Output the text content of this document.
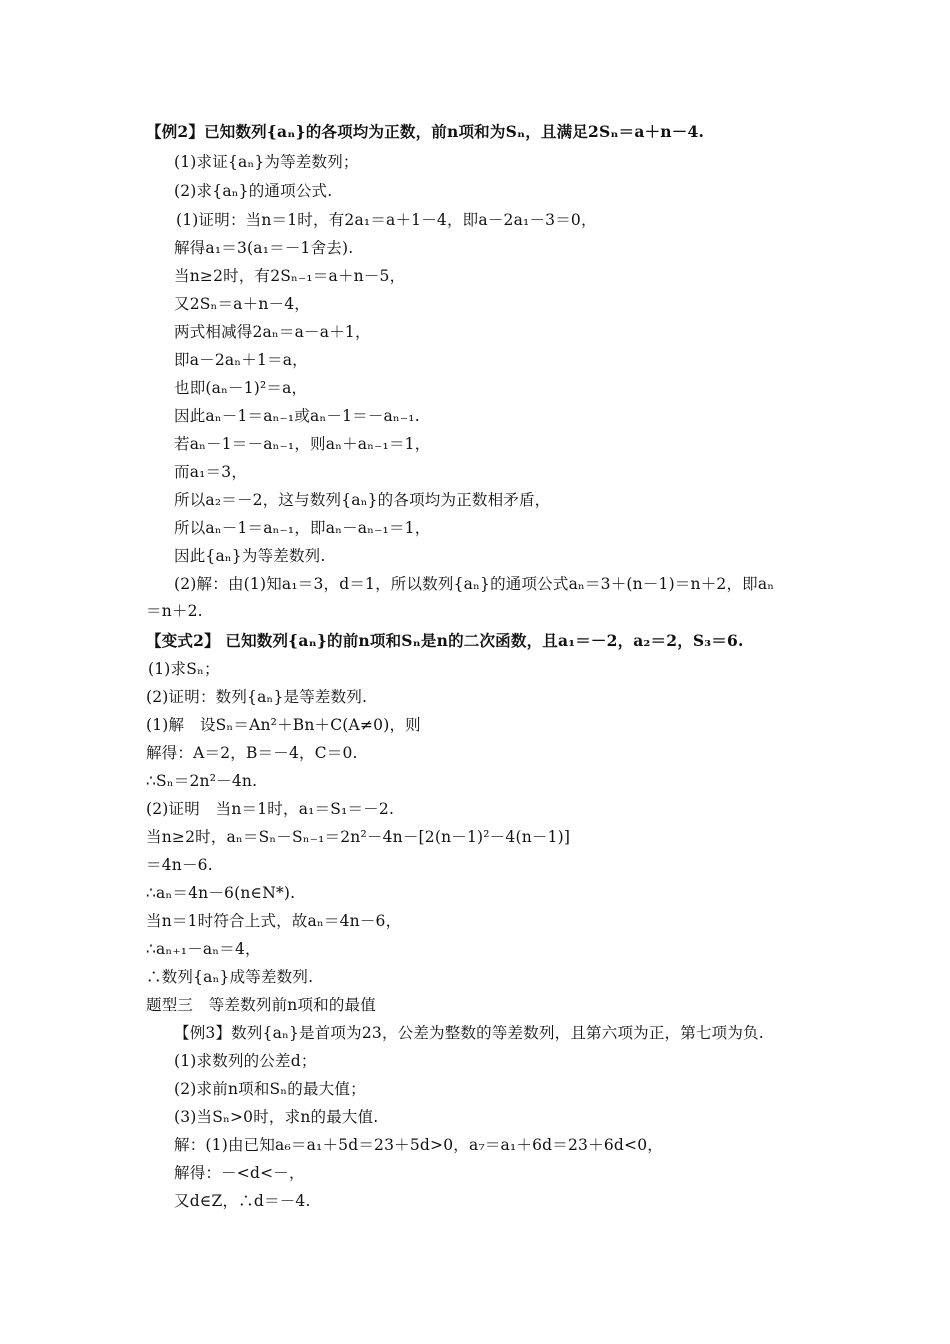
【例2】已知数列{aₙ}的各项均为正数，前n项和为Sₙ，且满足2Sₙ＝a＋n－4.
(1)求证{aₙ}为等差数列；
(2)求{aₙ}的通项公式.
(1)证明：当n＝1时，有2a₁＝a＋1－4，即a－2a₁－3＝0，
解得a₁＝3(a₁＝－1舍去).
当n≥2时，有2Sₙ₋₁＝a＋n－5，
又2Sₙ＝a＋n－4，
两式相减得2aₙ＝a－a＋1，
即a－2aₙ＋1＝a，
也即(aₙ－1)²＝a，
因此aₙ－1＝aₙ₋₁或aₙ－1＝－aₙ₋₁.
若aₙ－1＝－aₙ₋₁，则aₙ＋aₙ₋₁＝1，
而a₁＝3，
所以a₂＝－2，这与数列{aₙ}的各项均为正数相矛盾，
所以aₙ－1＝aₙ₋₁，即aₙ－aₙ₋₁＝1，
因此{aₙ}为等差数列.
(2)解：由(1)知a₁＝3，d＝1，所以数列{aₙ}的通项公式aₙ＝3＋(n－1)＝n＋2，即aₙ
＝n＋2.
【变式2】 已知数列{aₙ}的前n项和Sₙ是n的二次函数，且a₁＝－2，a₂＝2，S₃＝6.
(1)求Sₙ；
(2)证明：数列{aₙ}是等差数列.
(1)解　设Sₙ＝An²＋Bn＋C(A≠0)，则
解得：A＝2，B＝－4，C＝0.
∴Sₙ＝2n²－4n.
(2)证明　当n＝1时，a₁＝S₁＝－2.
当n≥2时，aₙ＝Sₙ－Sₙ₋₁＝2n²－4n－[2(n－1)²－4(n－1)]
＝4n－6.
∴aₙ＝4n－6(n∈N*).
当n＝1时符合上式，故aₙ＝4n－6，
∴aₙ₊₁－aₙ＝4，
∴数列{aₙ}成等差数列.
题型三　等差数列前n项和的最值
【例3】数列{aₙ}是首项为23，公差为整数的等差数列，且第六项为正，第七项为负.
(1)求数列的公差d；
(2)求前n项和Sₙ的最大值；
(3)当Sₙ>0时，求n的最大值.
解：(1)由已知a₆＝a₁＋5d＝23＋5d>0，a₇＝a₁＋6d＝23＋6d<0，
解得：－<d<－，
又d∈Z，∴d＝－4.
